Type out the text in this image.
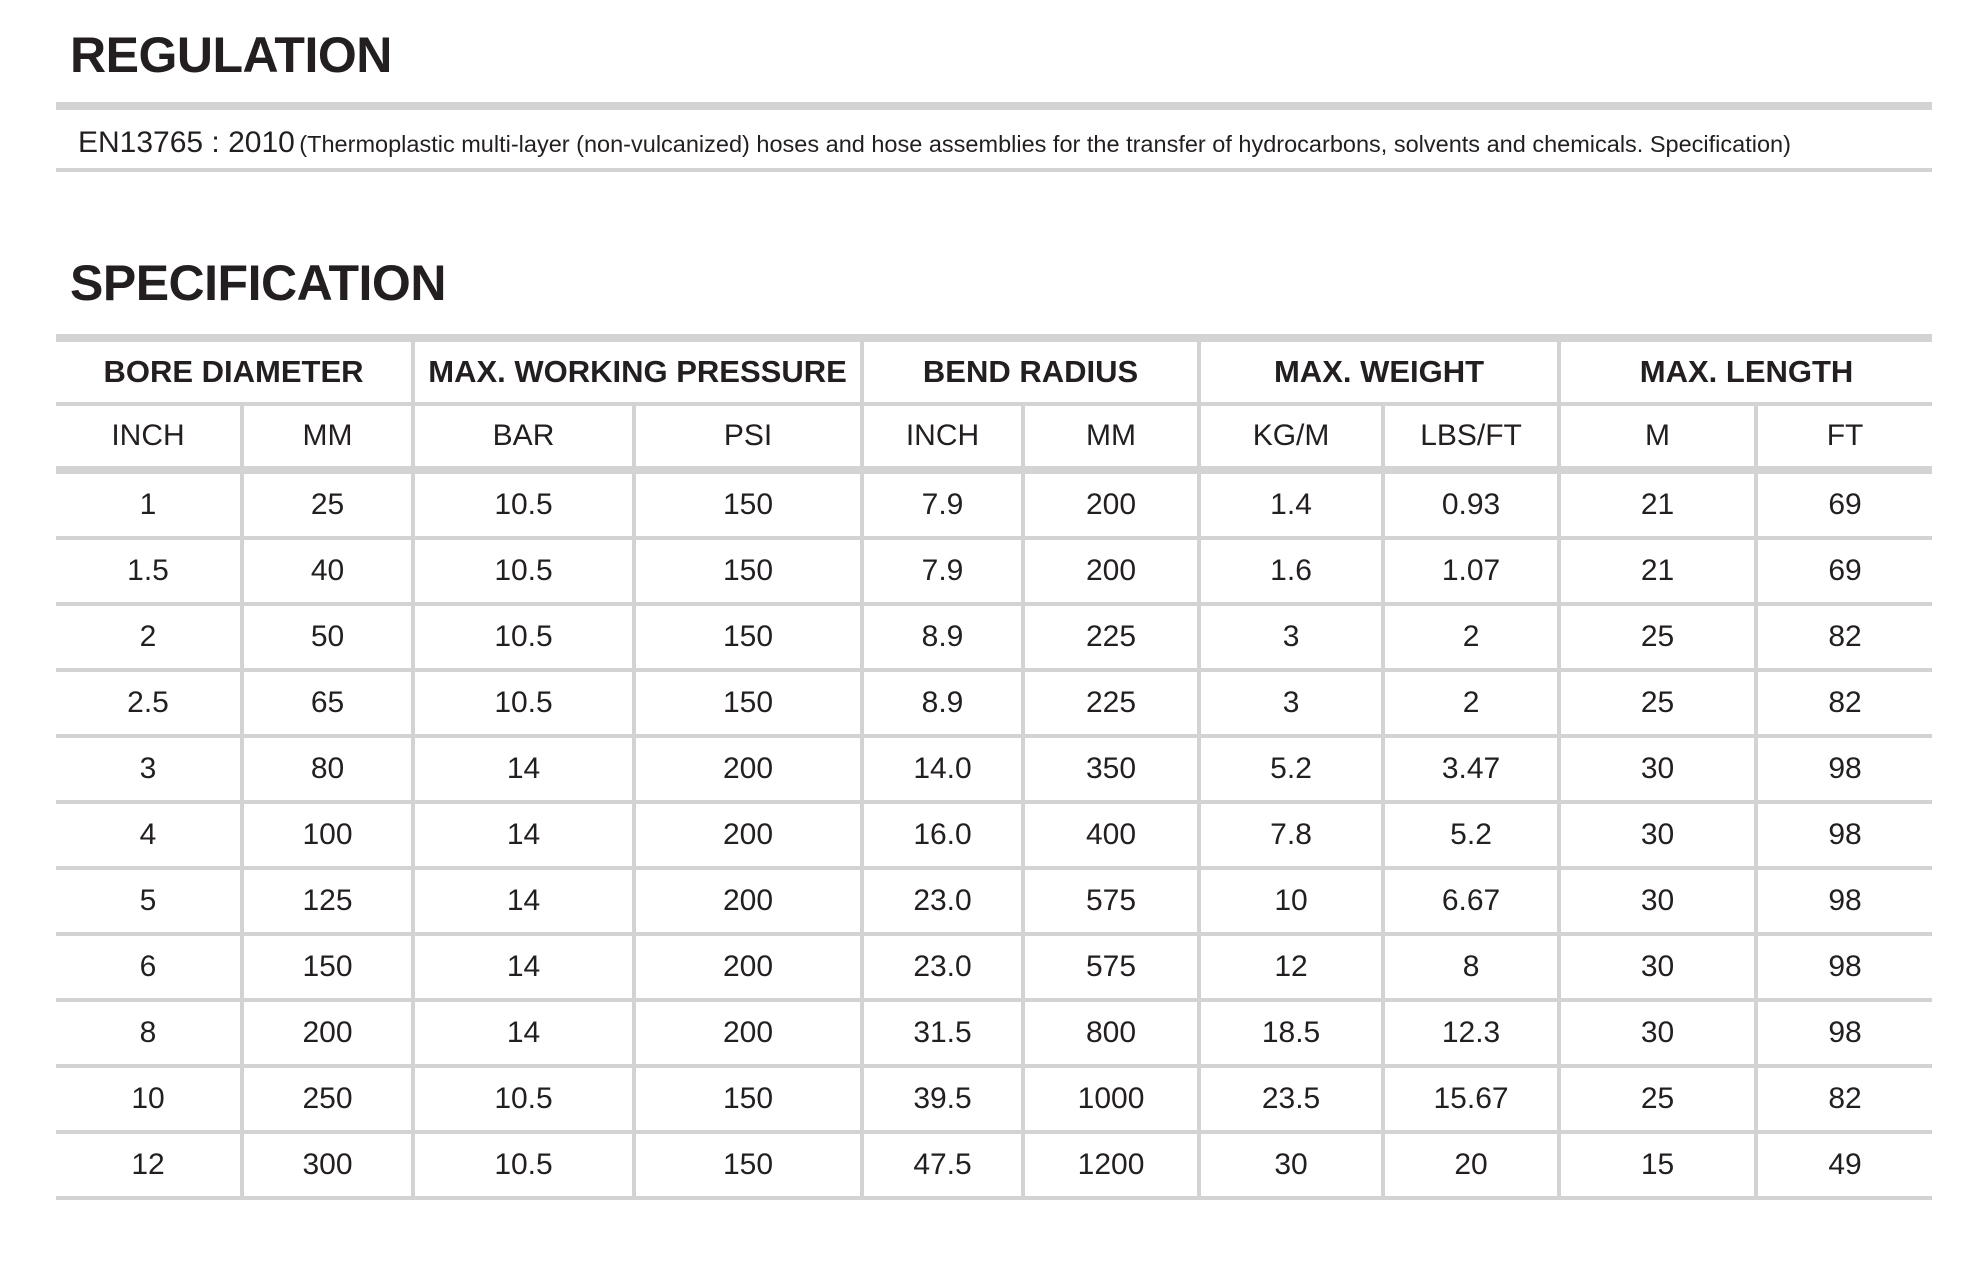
REGULATION
EN13765 : 2010 (Thermoplastic multi-layer (non-vulcanized) hoses and hose assemblies for the transfer of hydrocarbons, solvents and chemicals. Specification)
SPECIFICATION
BORE DIAMETER		MAX. WORKING PRESSURE		BEND RADIUS		MAX. WEIGHT		MAX. LENGTH	
INCH	MM	BAR	PSI	INCH	MM	KG/M	LBS/FT	M	FT
1	25	10.5	150	7.9	200	1.4	0.93	21	69
1.5	40	10.5	150	7.9	200	1.6	1.07	21	69
2	50	10.5	150	8.9	225	3	2	25	82
2.5	65	10.5	150	8.9	225	3	2	25	82
3	80	14	200	14.0	350	5.2	3.47	30	98
4	100	14	200	16.0	400	7.8	5.2	30	98
5	125	14	200	23.0	575	10	6.67	30	98
6	150	14	200	23.0	575	12	8	30	98
8	200	14	200	31.5	800	18.5	12.3	30	98
10	250	10.5	150	39.5	1000	23.5	15.67	25	82
12	300	10.5	150	47.5	1200	30	20	15	49
